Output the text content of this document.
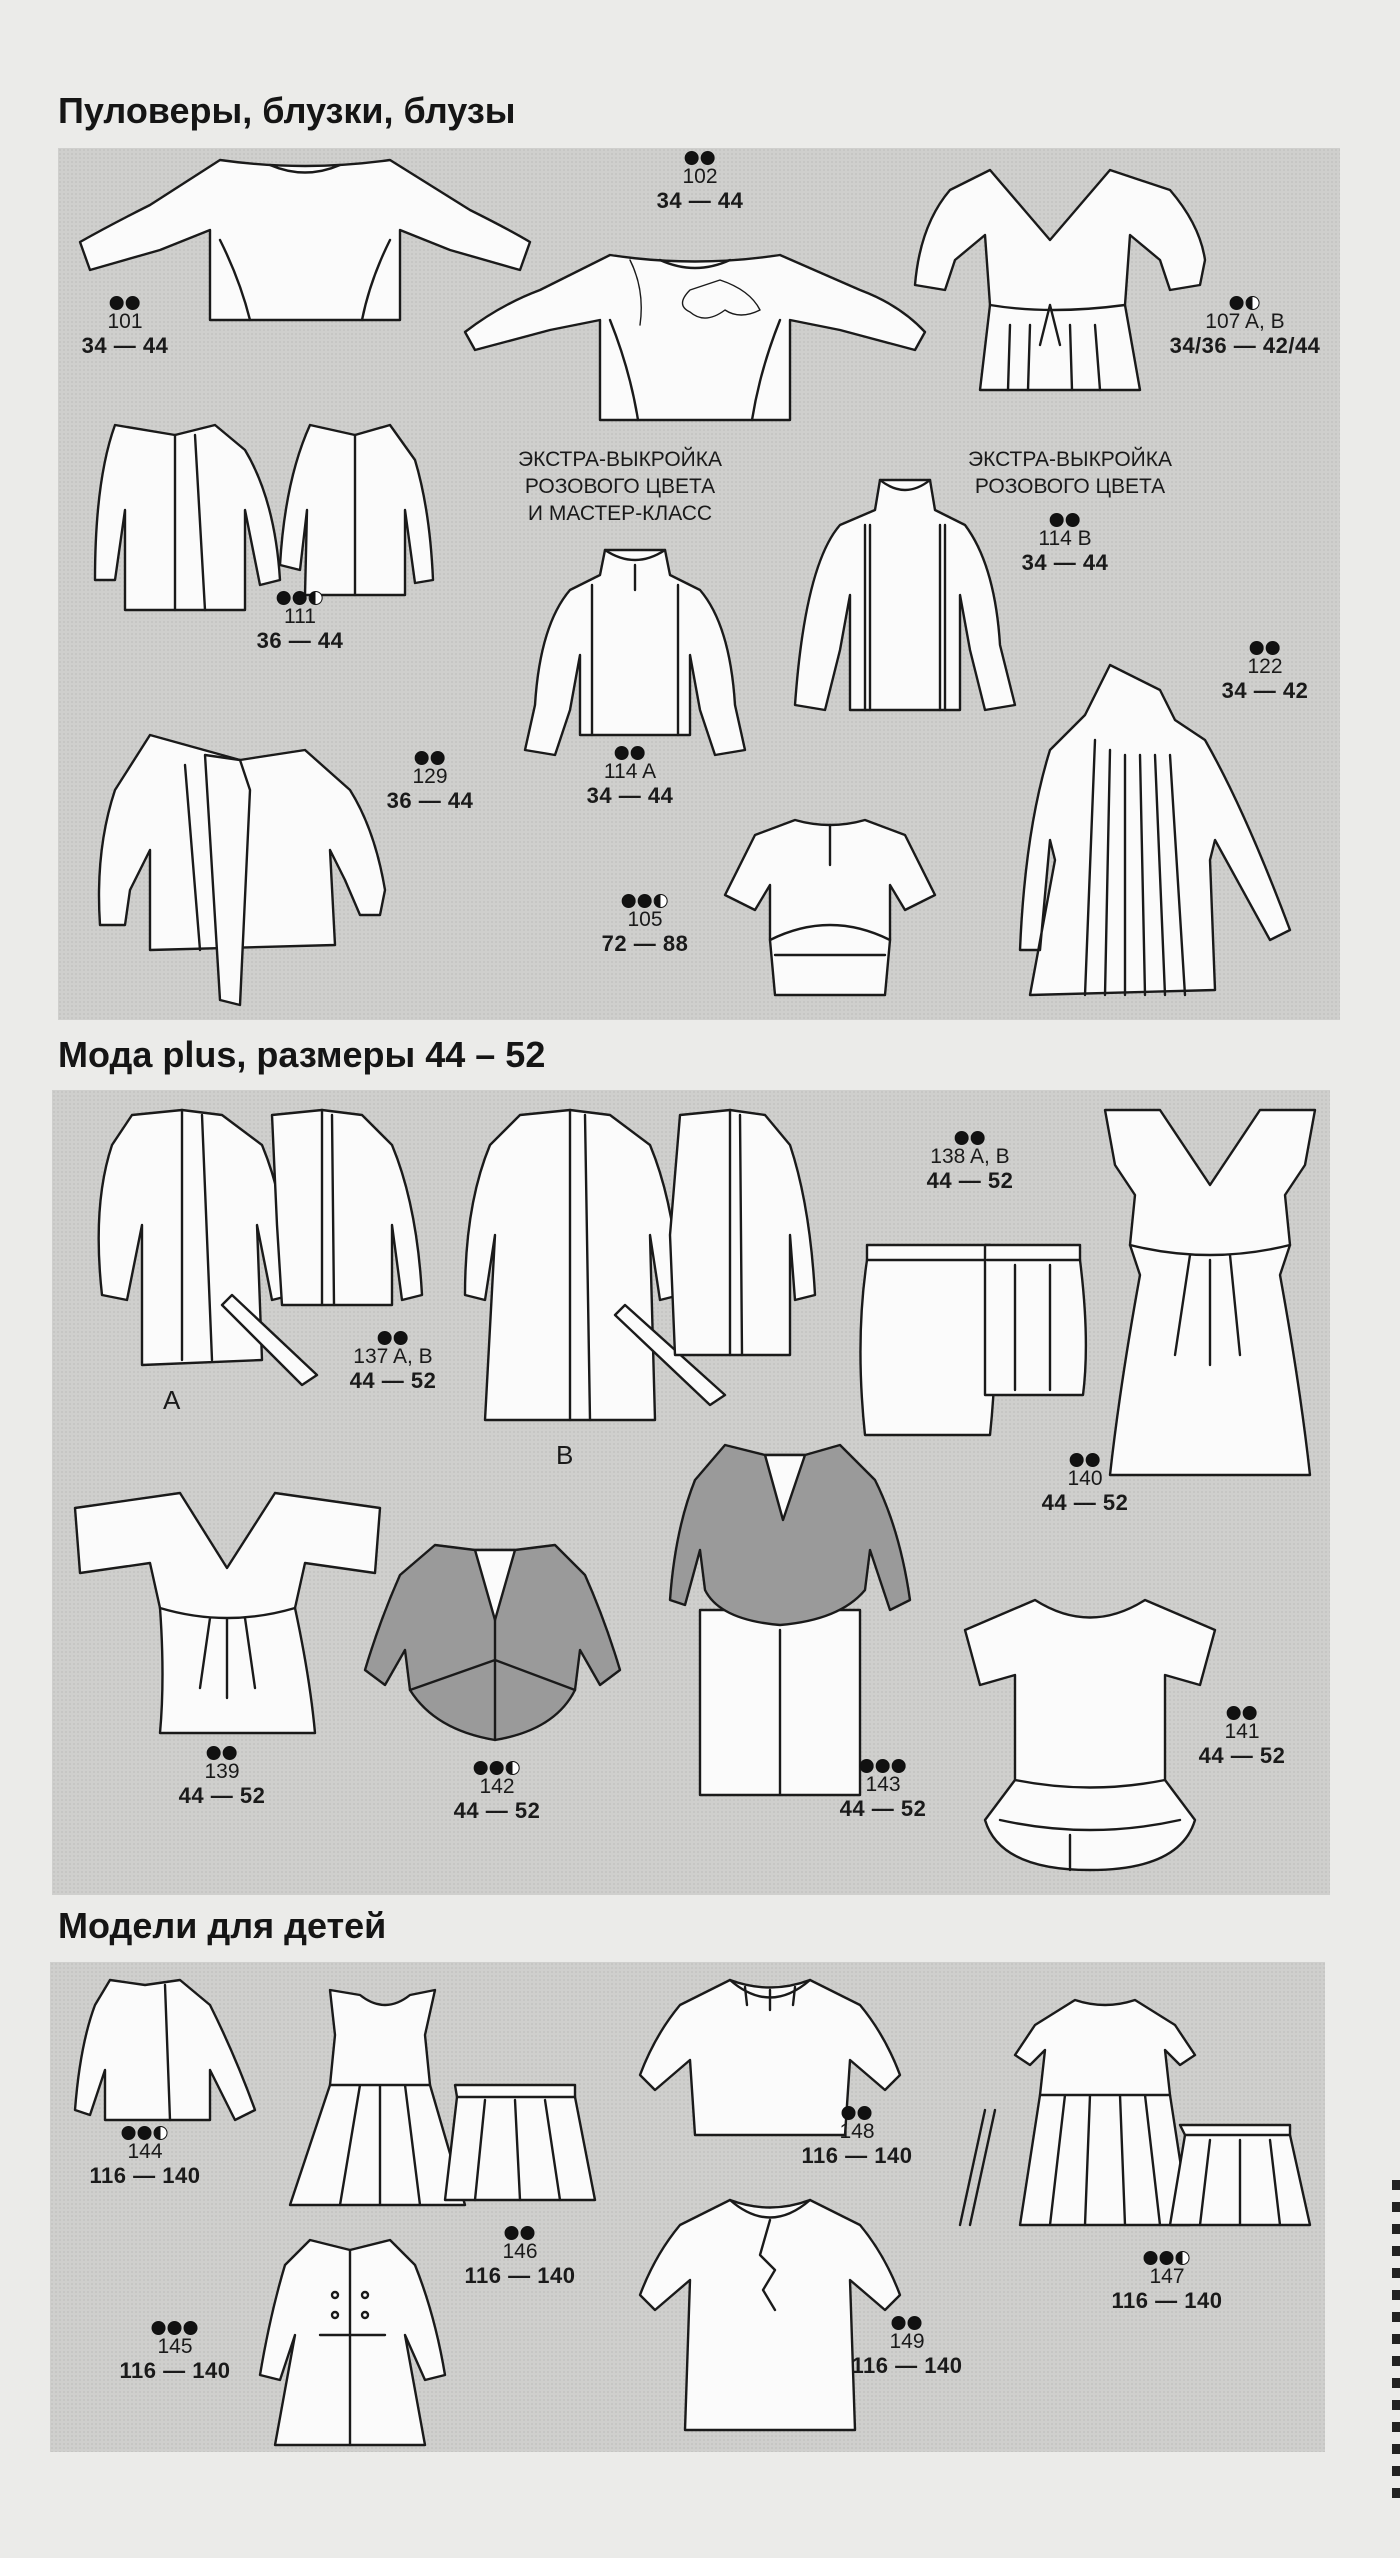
Пуловеры, блузки, блузы
101
34 — 44
102
34 — 44
107 A, B
34/36 — 42/44
111
36 — 44
ЭКСТРА-ВЫКРОЙКА
РОЗОВОГО ЦВЕТА
И МАСТЕР-КЛАСС
114 A
34 — 44
ЭКСТРА-ВЫКРОЙКА
РОЗОВОГО ЦВЕТА
114 B
34 — 44
122
34 — 42
129
36 — 44
105
72 — 88
Мода plus, размеры 44 – 52
A
137 A, B
44 — 52
B
138 A, B
44 — 52
140
44 — 52
139
44 — 52	142
44 — 52
143
44 — 52
141
44 — 52
Модели для детей
144
116 — 140
146
116 — 140
145
116 — 140
148
116 — 140
149
116 — 140
147
116 — 140
